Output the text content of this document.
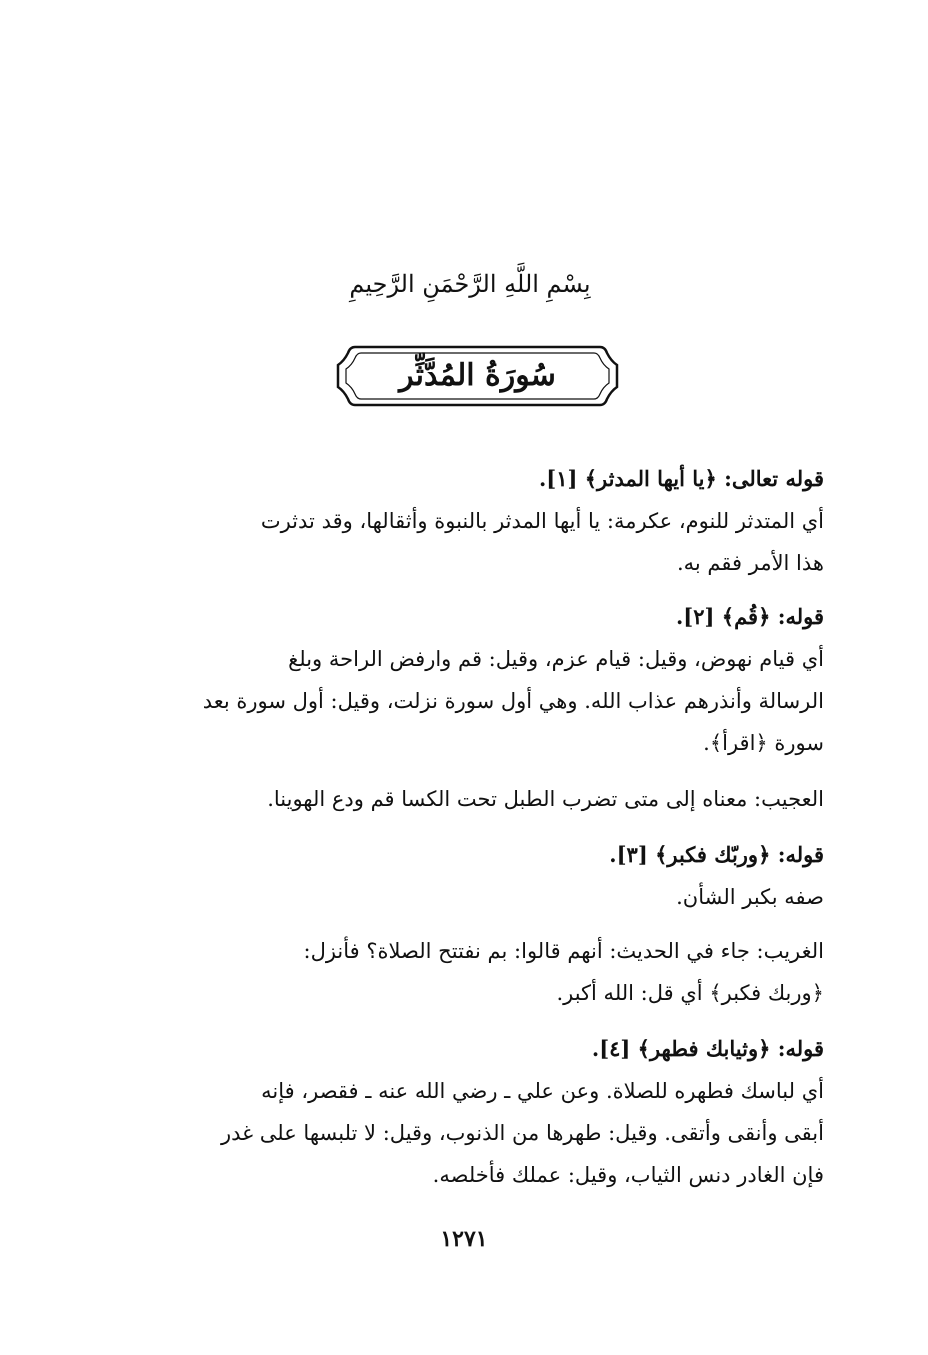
بِسْمِ اللَّهِ الرَّحْمَنِ الرَّحِيمِ
سُورَةُ المُدَّثِّر
قوله تعالى: ﴿يا أيها المدثر﴾ [١].
أي المتدثر للنوم، عكرمة: يا أيها المدثر بالنبوة وأثقالها، وقد تدثرت
هذا الأمر فقم به.
قوله: ﴿قُم﴾ [٢].
أي قيام نهوض، وقيل: قيام عزم، وقيل: قم وارفض الراحة وبلغ
الرسالة وأنذرهم عذاب الله. وهي أول سورة نزلت، وقيل: أول سورة بعد
سورة ﴿اقرأ﴾.
العجيب: معناه إلى متى تضرب الطبل تحت الكسا قم ودع الهوينا.
قوله: ﴿وربّك فكبر﴾ [٣].
صفه بكبر الشأن.
الغريب: جاء في الحديث: أنهم قالوا: بم نفتتح الصلاة؟ فأنزل:
﴿وربك فكبر﴾ أي قل: الله أكبر.
قوله: ﴿وثيابك فطهر﴾ [٤].
أي لباسك فطهره للصلاة. وعن علي ـ رضي الله عنه ـ فقصر، فإنه
أبقى وأنقى وأتقى. وقيل: طهرها من الذنوب، وقيل: لا تلبسها على غدر
فإن الغادر دنس الثياب، وقيل: عملك فأخلصه.
١٢٧١
